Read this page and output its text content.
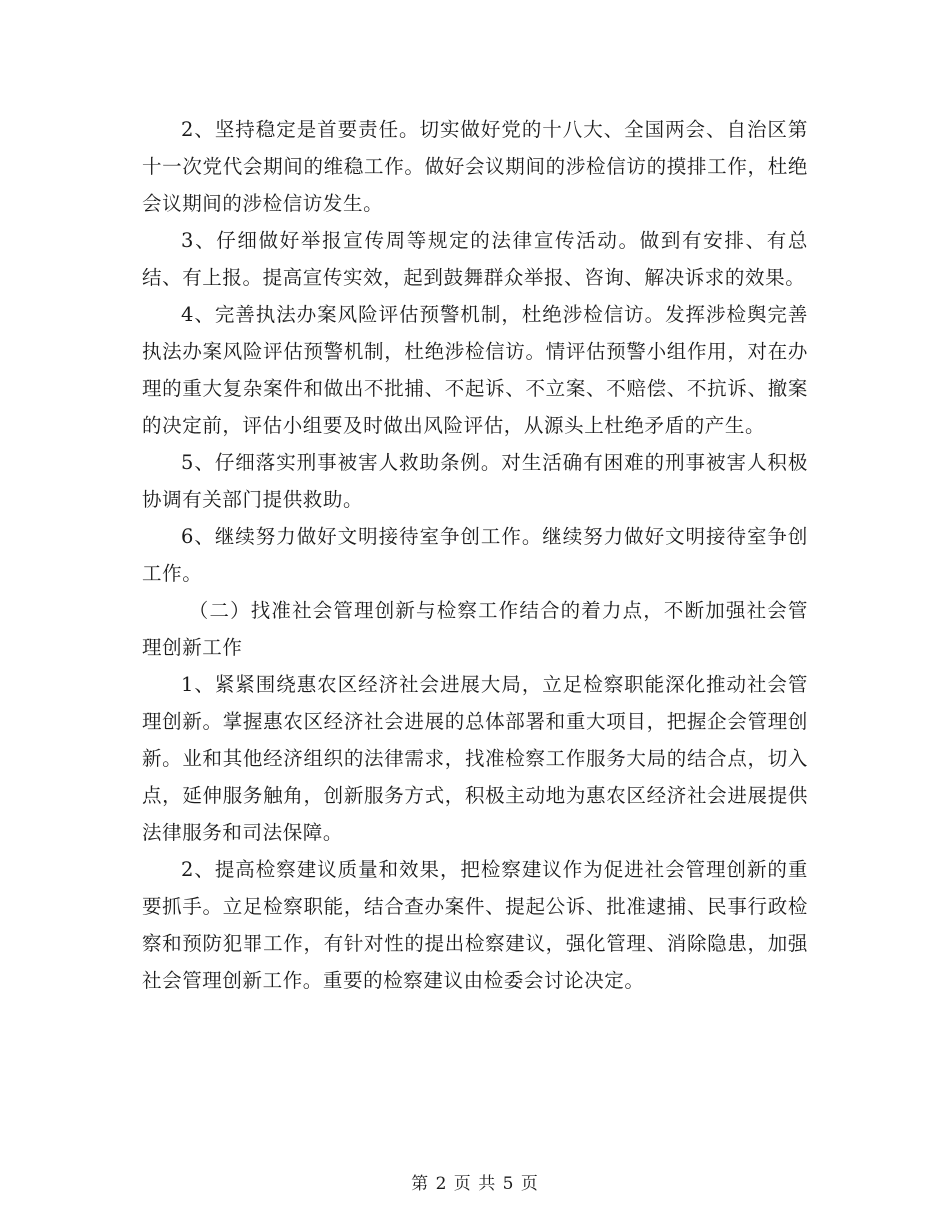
2、坚持稳定是首要责任。切实做好党的十八大、全国两会、自治区第十一次党代会期间的维稳工作。做好会议期间的涉检信访的摸排工作，杜绝会议期间的涉检信访发生。

3、仔细做好举报宣传周等规定的法律宣传活动。做到有安排、有总结、有上报。提高宣传实效，起到鼓舞群众举报、咨询、解决诉求的效果。

4、完善执法办案风险评估预警机制，杜绝涉检信访。发挥涉检舆完善执法办案风险评估预警机制，杜绝涉检信访。情评估预警小组作用，对在办理的重大复杂案件和做出不批捕、不起诉、不立案、不赔偿、不抗诉、撤案的决定前，评估小组要及时做出风险评估，从源头上杜绝矛盾的产生。

5、仔细落实刑事被害人救助条例。对生活确有困难的刑事被害人积极协调有关部门提供救助。

6、继续努力做好文明接待室争创工作。继续努力做好文明接待室争创工作。

（二）找准社会管理创新与检察工作结合的着力点，不断加强社会管理创新工作

1、紧紧围绕惠农区经济社会进展大局，立足检察职能深化推动社会管理创新。掌握惠农区经济社会进展的总体部署和重大项目，把握企会管理创新。业和其他经济组织的法律需求，找准检察工作服务大局的结合点，切入点，延伸服务触角，创新服务方式，积极主动地为惠农区经济社会进展提供法律服务和司法保障。

2、提高检察建议质量和效果，把检察建议作为促进社会管理创新的重要抓手。立足检察职能，结合查办案件、提起公诉、批准逮捕、民事行政检察和预防犯罪工作，有针对性的提出检察建议，强化管理、消除隐患，加强社会管理创新工作。重要的检察建议由检委会讨论决定。

第 2 页 共 5 页
